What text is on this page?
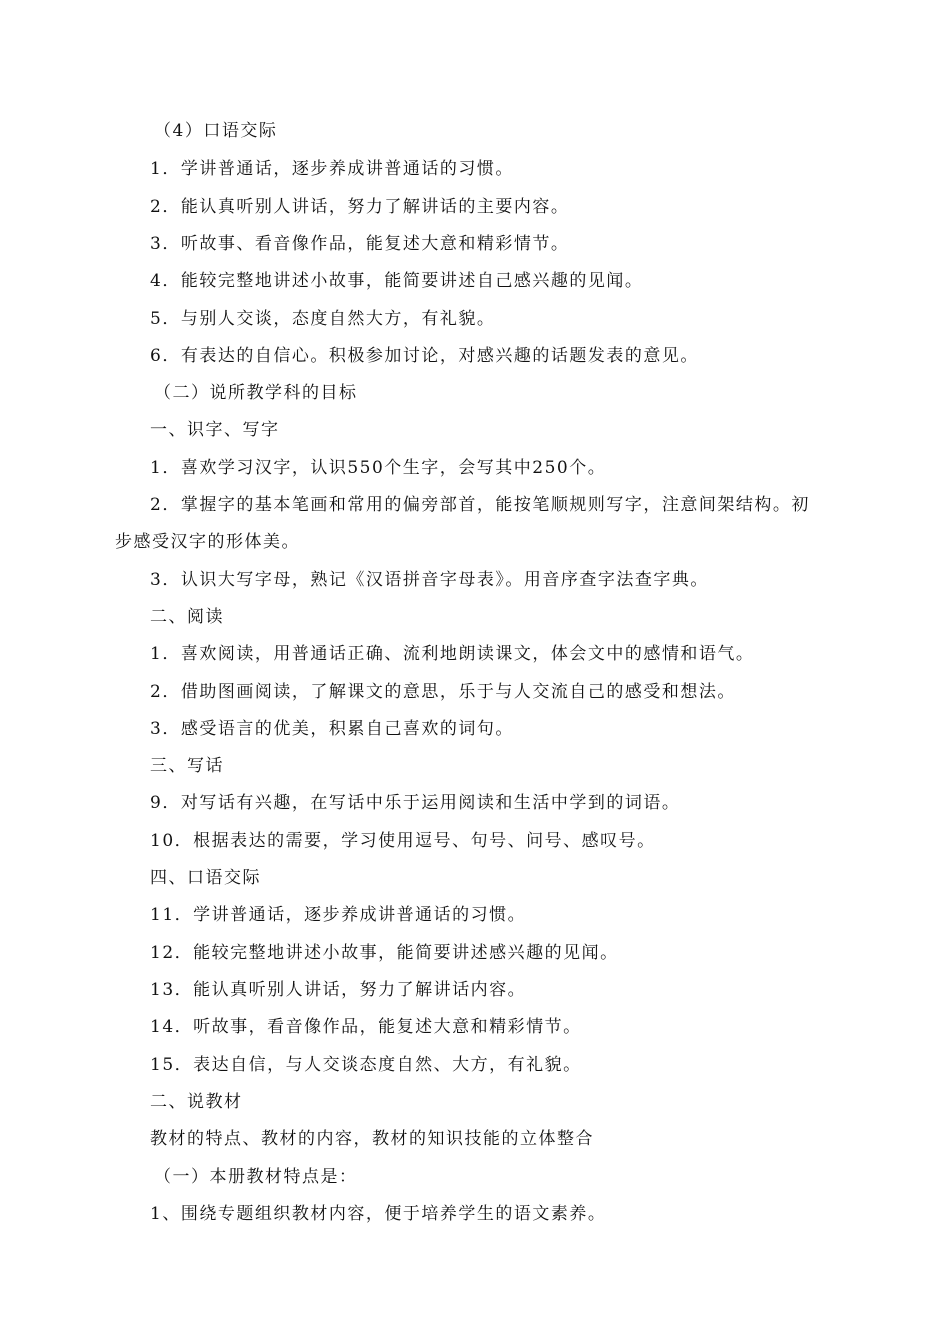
（4）口语交际
1．学讲普通话，逐步养成讲普通话的习惯。
2．能认真听别人讲话，努力了解讲话的主要内容。
3．听故事、看音像作品，能复述大意和精彩情节。
4．能较完整地讲述小故事，能简要讲述自己感兴趣的见闻。
5．与别人交谈，态度自然大方，有礼貌。
6．有表达的自信心。积极参加讨论，对感兴趣的话题发表的意见。
（二）说所教学科的目标
一、识字、写字
1．喜欢学习汉字，认识550个生字，会写其中250个。
2．掌握字的基本笔画和常用的偏旁部首，能按笔顺规则写字，注意间架结构。初
步感受汉字的形体美。
3．认识大写字母，熟记《汉语拼音字母表》。用音序查字法查字典。
二、阅读
1．喜欢阅读，用普通话正确、流利地朗读课文，体会文中的感情和语气。
2．借助图画阅读，了解课文的意思，乐于与人交流自己的感受和想法。
3．感受语言的优美，积累自己喜欢的词句。
三、写话
9．对写话有兴趣，在写话中乐于运用阅读和生活中学到的词语。
10．根据表达的需要，学习使用逗号、句号、问号、感叹号。
四、口语交际
11．学讲普通话，逐步养成讲普通话的习惯。
12．能较完整地讲述小故事，能简要讲述感兴趣的见闻。
13．能认真听别人讲话，努力了解讲话内容。
14．听故事，看音像作品，能复述大意和精彩情节。
15．表达自信，与人交谈态度自然、大方，有礼貌。
二、说教材
教材的特点、教材的内容，教材的知识技能的立体整合
（一）本册教材特点是：
1、围绕专题组织教材内容，便于培养学生的语文素养。
